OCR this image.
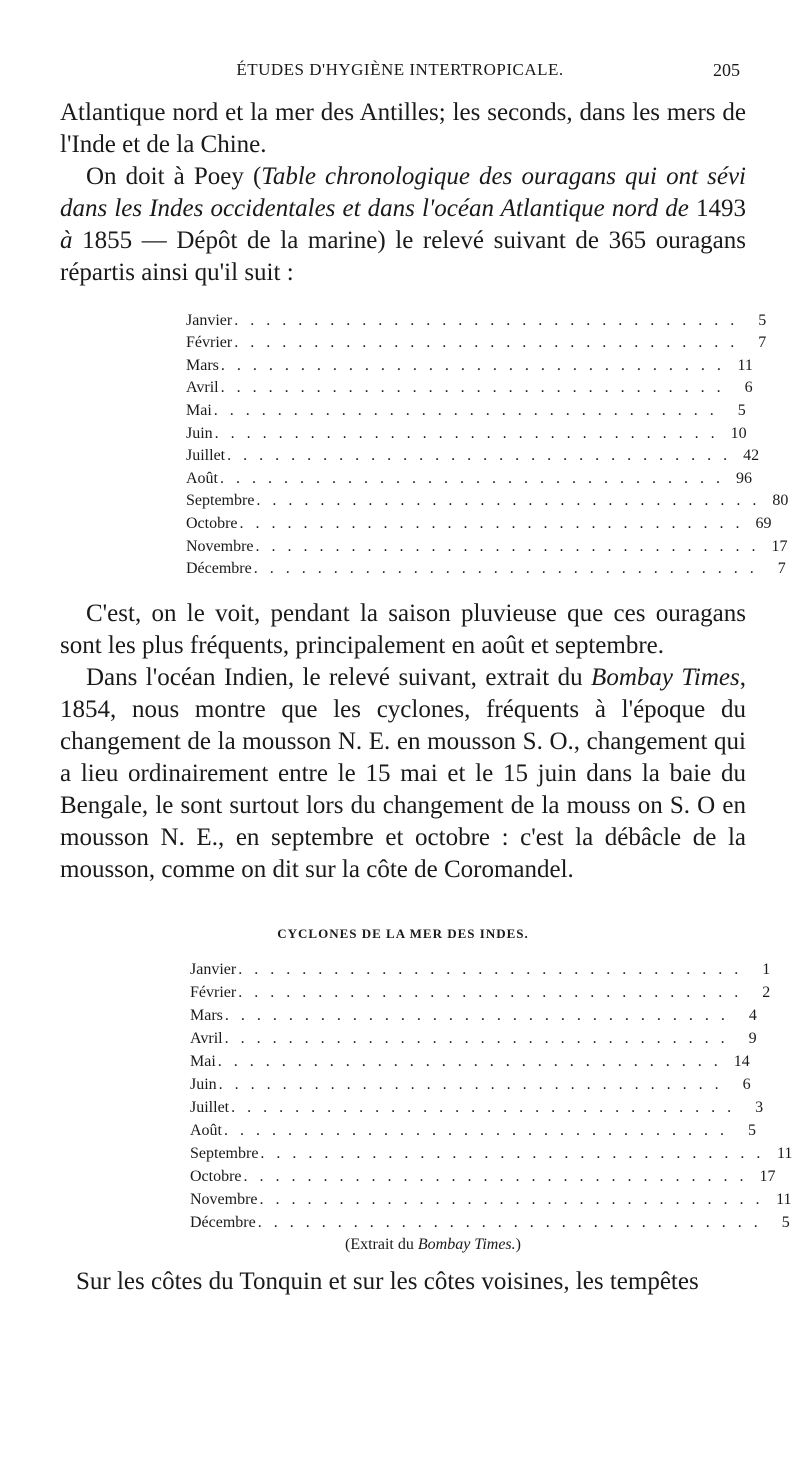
ÉTUDES D'HYGIÈNE INTERTROPICALE.	205

Atlantique nord et la mer des Antilles; les seconds, dans les mers de l'Inde et de la Chine.

On doit à Poey (Table chronologique des ouragans qui ont sévi dans les Indes occidentales et dans l'océan Atlantique nord de 1493 à 1855 — Dépôt de la marine) le relevé suivant de 365 ouragans répartis ainsi qu'il suit :

Janvier . . . . . . . . . . . . . . . . . . . . . . . . . . . . . . . .	5
Février . . . . . . . . . . . . . . . . . . . . . . . . . . . . . . . .	7
Mars . . . . . . . . . . . . . . . . . . . . . . . . . . . . . . . . 11
Avril . . . . . . . . . . . . . . . . . . . . . . . . . . . . . . . .	6
Mai . . . . . . . . . . . . . . . . . . . . . . . . . . . . . . . .	5
Juin . . . . . . . . . . . . . . . . . . . . . . . . . . . . . . . . 10
Juillet . . . . . . . . . . . . . . . . . . . . . . . . . . . . . . . . 42
Août . . . . . . . . . . . . . . . . . . . . . . . . . . . . . . . . 96
Septembre . . . . . . . . . . . . . . . . . . . . . . . . . . . . . . . . 80
Octobre . . . . . . . . . . . . . . . . . . . . . . . . . . . . . . . . 69
Novembre . . . . . . . . . . . . . . . . . . . . . . . . . . . . . . . . 17
Décembre . . . . . . . . . . . . . . . . . . . . . . . . . . . . . . . .	7

C'est, on le voit, pendant la saison pluvieuse que ces ouragans sont les plus fréquents, principalement en août et septembre.

Dans l'océan Indien, le relevé suivant, extrait du Bombay Times, 1854, nous montre que les cyclones, fréquents à l'époque du changement de la mousson N. E. en mousson S. O., changement qui a lieu ordinairement entre le 15 mai et le 15 juin dans la baie du Bengale, le sont surtout lors du changement de la mouss on S. O en mousson N. E., en septembre et octobre : c'est la débâcle de la mousson, comme on dit sur la côte de Coromandel.

CYCLONES DE LA MER DES INDES.

Janvier . . . . . . . . . . . . . . . . . . . . . . . . . . . . . . . .	1
Février . . . . . . . . . . . . . . . . . . . . . . . . . . . . . . . .	2
Mars . . . . . . . . . . . . . . . . . . . . . . . . . . . . . . . .	4
Avril . . . . . . . . . . . . . . . . . . . . . . . . . . . . . . . .	9
Mai . . . . . . . . . . . . . . . . . . . . . . . . . . . . . . . . 14
Juin . . . . . . . . . . . . . . . . . . . . . . . . . . . . . . . .	6
Juillet . . . . . . . . . . . . . . . . . . . . . . . . . . . . . . . .	3
Août . . . . . . . . . . . . . . . . . . . . . . . . . . . . . . . .	5
Septembre . . . . . . . . . . . . . . . . . . . . . . . . . . . . . . . . 11
Octobre . . . . . . . . . . . . . . . . . . . . . . . . . . . . . . . . 17
Novembre . . . . . . . . . . . . . . . . . . . . . . . . . . . . . . . . 11
Décembre . . . . . . . . . . . . . . . . . . . . . . . . . . . . . . . .	5

(Extrait du Bombay Times.)

Sur les côtes du Tonquin et sur les côtes voisines, les tempêtes
